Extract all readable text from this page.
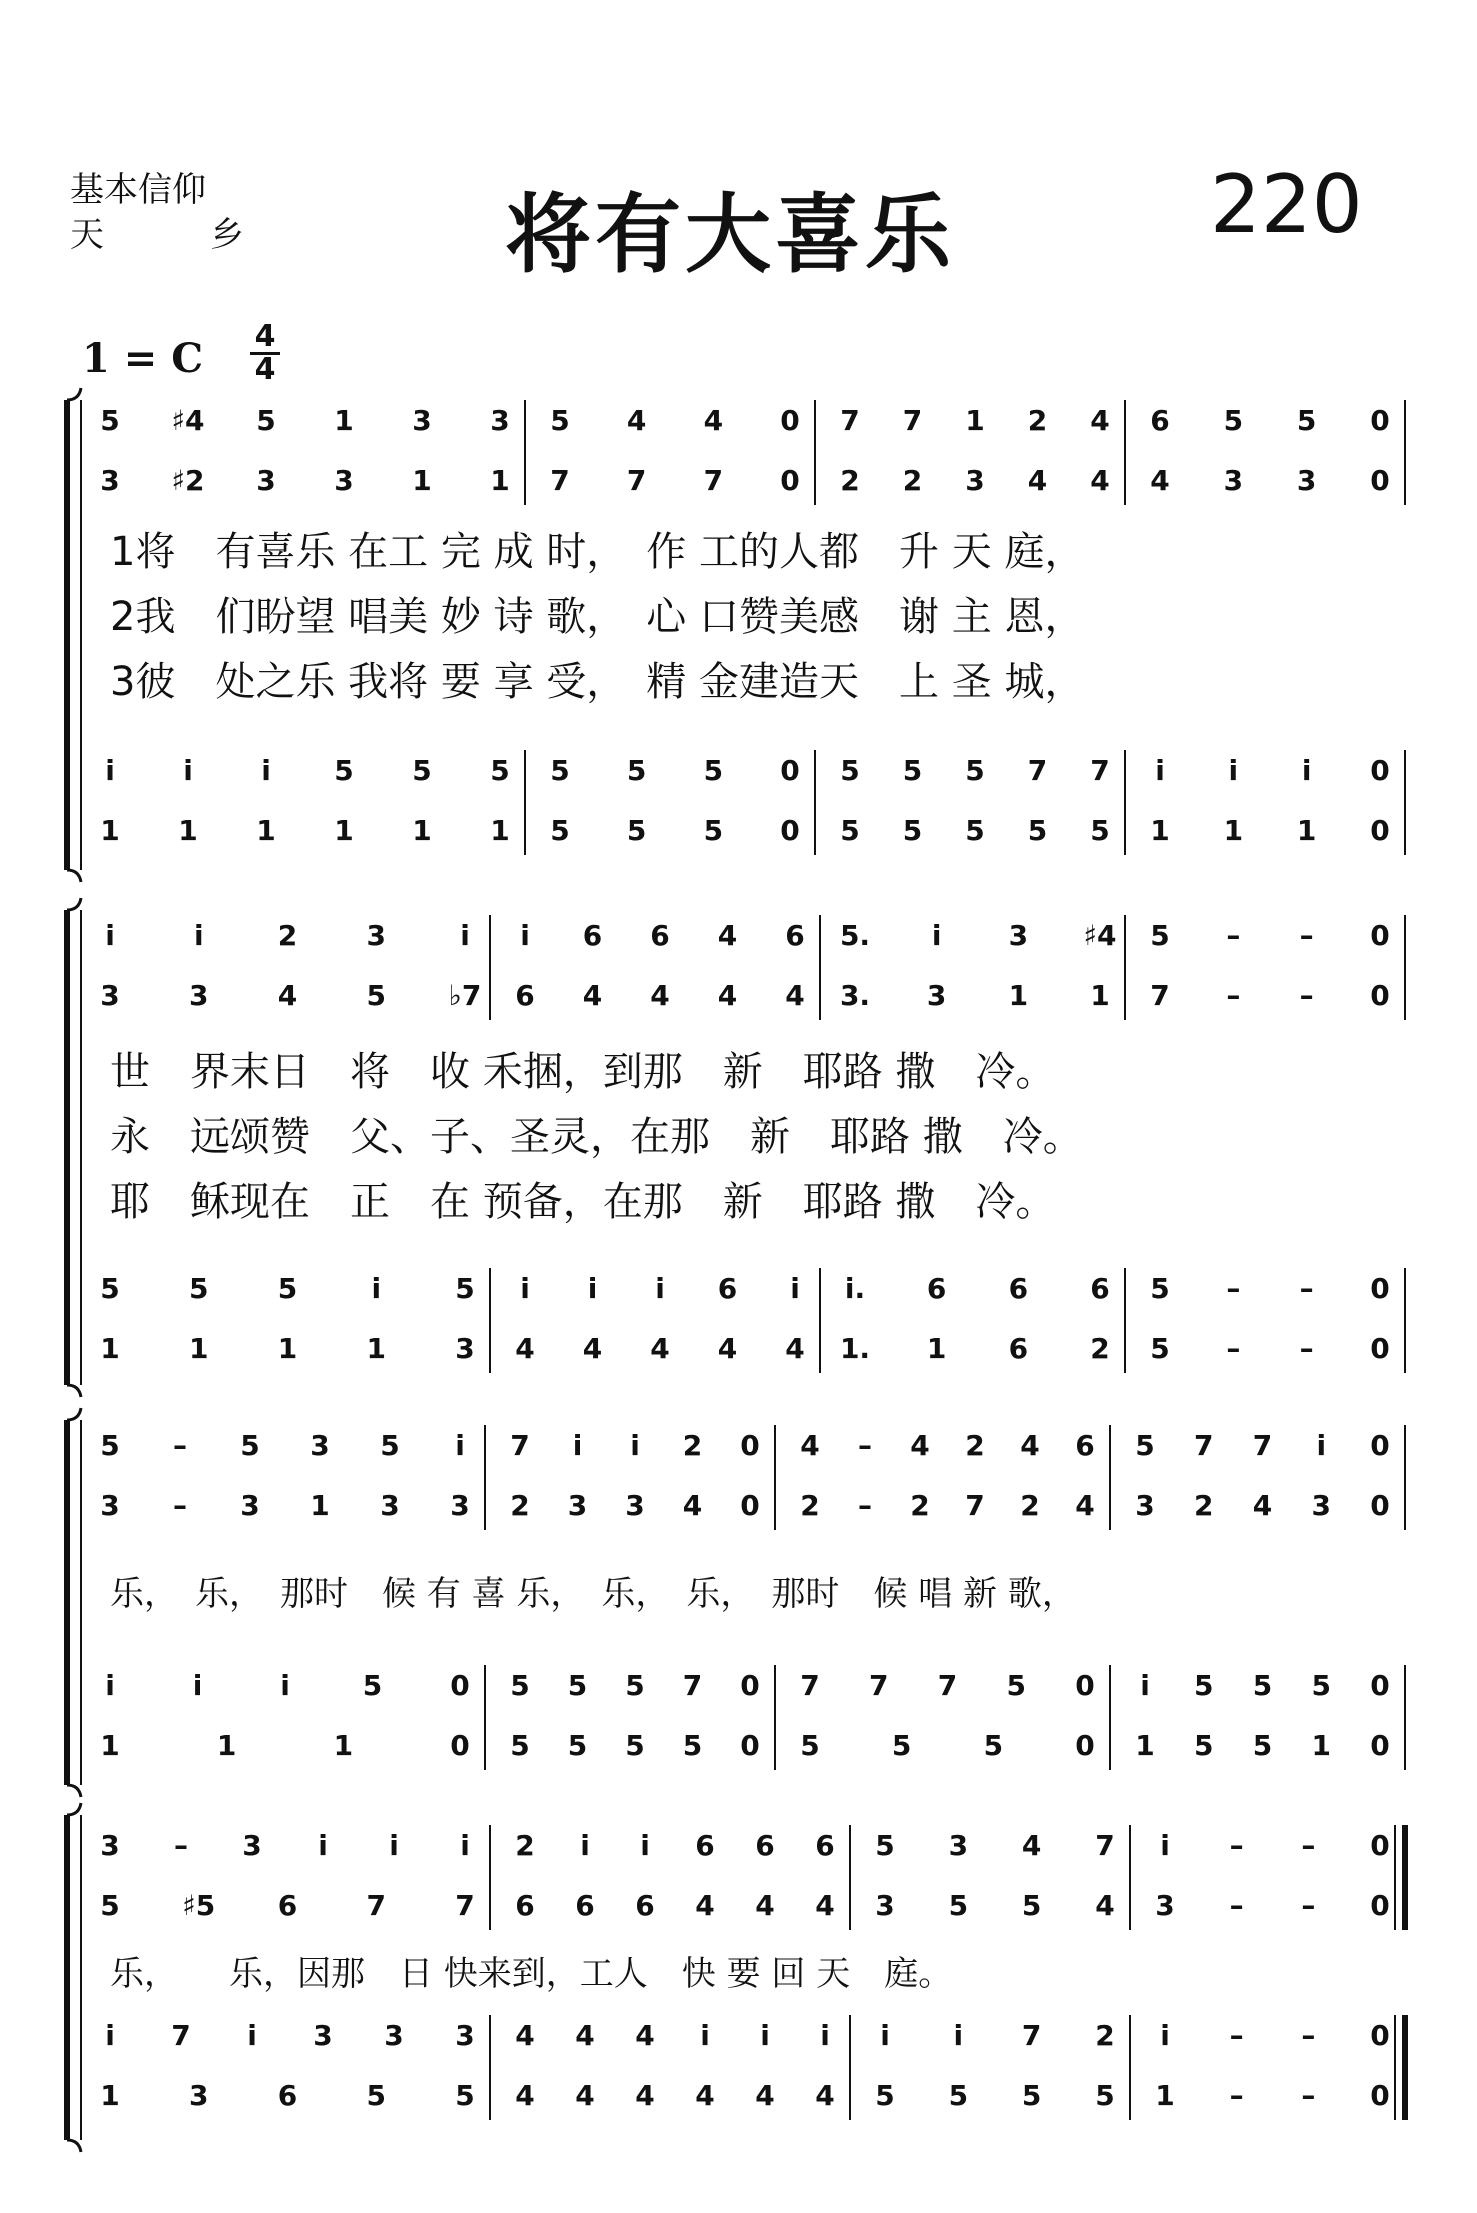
基本信仰
天	乡	将有大喜乐	220
1 = C 4
4
5 ♯4 5 1 3 3 5 4 4 0 7 7 1 2 4 6 5 5 0
3 ♯2 3 3 1 1 7 7 7 0 2 2 3 4 4 4 3 3 0
i i i 5 5 5 5 5 5 0 5 5 5 7 7 i i i 0
1 1 1 1 1 1 5 5 5 0 5 5 5 5 5 1 1 1 0
1将　有喜乐 在工 完 成 时，　作 工的人都　升 天 庭，
2我　们盼望 唱美 妙 诗 歌，　心 口赞美感　谢 主 恩，
3彼　处之乐 我将 要 享 受，　精 金建造天　上 圣 城，
i	i	2 3	i i 6 6 4 6 5. i 3 ♯4 5 – – 0
3 3 4 5 ♭7 6 4 4 4 4 3. 3 1 1 7 – – 0
5 5 5	i	5 i i i 6 i i. 6 6 6 5 – – 0
1 1 1 1 3 4 4 4 4 4 1. 1 6 2 5 – – 0
世　界末日　将　收 禾捆，到那　新　耶路 撒　冷。
永　远颂赞　父、子、圣灵，在那　新　耶路 撒　冷。
耶　稣现在　正　在 预备，在那　新　耶路 撒　冷。
5 – 5 3 5 i 7 i i 2 0 4 – 4 2 4 6 5 7 7 i 0
3 – 3 1 3 3 2 3 3 4 0 2 – 2 7 2 4 3 2 4 3 0
i	i	i	5 0 5 5 5 7 0 7 7 7 5 0 i 5 5 5 0
1	1	1	0 5 5 5 5 0 5	5	5	0 1 5 5 1 0
乐，　乐，　那时　候 有 喜 乐，　乐，　乐，　那时　候 唱 新 歌，
3 – 3 i i i 2 i i 6 6 6 5 3 4 7 i – – 0
5 ♯5 6 7 7 6 6 6 4 4 4 3 5 5 4 3 – – 0
i 7 i 3 3 3 4 4 4 i i i i i 7 2 i – – 0
1 3 6 5 5 4 4 4 4 4 4 5 5 5 5 1 – – 0
乐，　　乐，因那　日 快来到，工人　快 要 回 天　庭。
